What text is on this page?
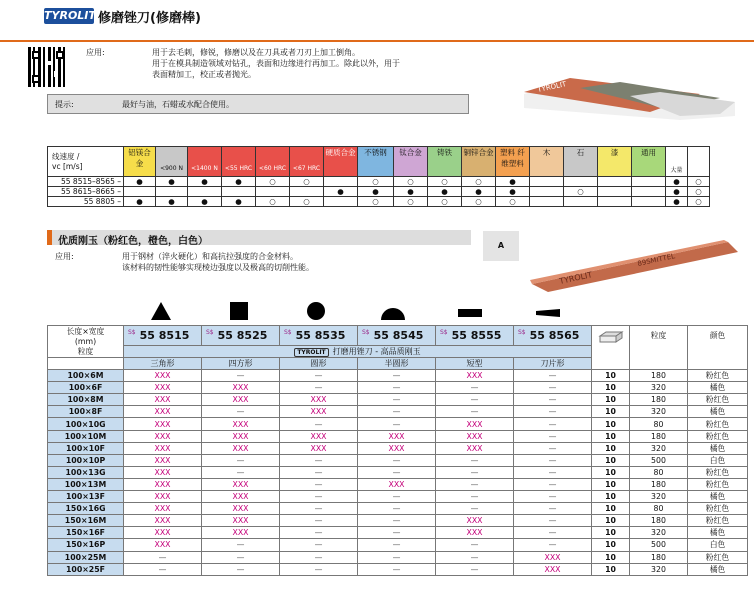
TYROLIT 修磨锉刀(修磨棒)
应用:	用于去毛刺，修锐，修磨以及在刀具或者刀刃上加工倒角。
用于在模具制造领域对钻孔，表面和边缘进行再加工。除此以外，用于
表面精加工，校正或者抛光。
提示:	最好与油，石蜡或水配合使用。
TYROLIT
线速度 /
vc [m/s]	铝镁合金	<900 N	<1400 N	<55 HRC	<60 HRC	<67 HRC	硬质合金	不锈钢	钛合金	铸铁	铜锌合金	塑料 纤维塑料	木	石	漆	通用	大量	

55 8515–8565 –	●	●	●	●	○	○		○	○	○	○	●					●	○
55 8615–8665 –							●	●	●	●	●	●		○			●	○
55 8805 –	●	●	●	●	○	○		○	○	○	○	○					●	○
优质刚玉（粉红色，橙色，白色）	A
应用:	用于钢材（淬火硬化）和高抗拉强度的合金材料。
该材料的韧性能够实现棱边强度以及极高的切削性能。
TYROLIT
89SMITTEL
长度×宽度
(mm)
粒度	$^{S\$}$ 55 8515	$^{S\$}$ 55 8525	$^{S\$}$ 55 8535	$^{S\$}$ 55 8545	$^{S\$}$ 55 8555	$^{S\$}$ 55 8565		粒度	颜色
	TYROLIT 打磨用锉刀 - 高品质刚玉								
	三角形	四方形	圆形	半圆形	短型	刀片形			
100×6M	XXX	—	—	—	XXX	—	10	180	粉红色
100×6F	XXX	XXX	—	—	—	—	10	320	橘色
100×8M	XXX	XXX	XXX	—	—	—	10	180	粉红色
100×8F	XXX	—	XXX	—	—	—	10	320	橘色
100×10G	XXX	XXX	—	—	XXX	—	10	80	粉红色
100×10M	XXX	XXX	XXX	XXX	XXX	—	10	180	粉红色
100×10F	XXX	XXX	XXX	XXX	XXX	—	10	320	橘色
100×10P	XXX	—	—	—	—	—	10	500	白色
100×13G	XXX	—	—	—	—	—	10	80	粉红色
100×13M	XXX	XXX	—	XXX	—	—	10	180	粉红色
100×13F	XXX	XXX	—	—	—	—	10	320	橘色
150×16G	XXX	XXX	—	—	—	—	10	80	粉红色
150×16M	XXX	XXX	—	—	XXX	—	10	180	粉红色
150×16F	XXX	XXX	—	—	XXX	—	10	320	橘色
150×16P	XXX	—	—	—	—	—	10	500	白色
100×25M	—	—	—	—	—	XXX	10	180	粉红色
100×25F	—	—	—	—	—	XXX	10	320	橘色
